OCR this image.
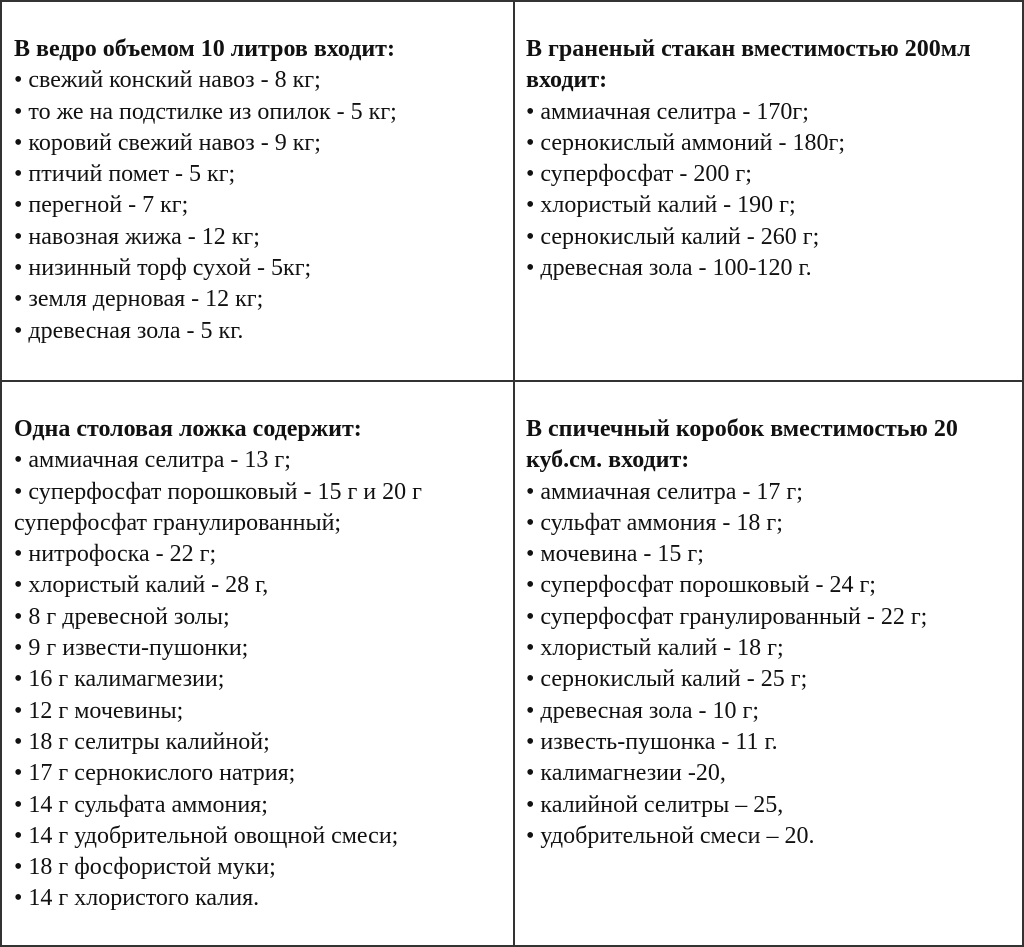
В ведро объемом 10 литров входит:
• свежий конский навоз - 8 кг;
• то же на подстилке из опилок - 5 кг;
• коровий свежий навоз - 9 кг;
• птичий помет - 5 кг;
• перегной - 7 кг;
• навозная жижа - 12 кг;
• низинный торф сухой - 5кг;
• земля дерновая - 12 кг;
• древесная зола - 5 кг.
В граненый стакан вместимостью 200мл входит:
• аммиачная селитра - 170г;
• сернокислый аммоний - 180г;
• суперфосфат - 200 г;
• хлористый калий - 190 г;
• сернокислый калий - 260 г;
• древесная зола - 100-120 г.
Одна столовая ложка содержит:
• аммиачная селитра - 13 г;
• суперфосфат порошковый - 15 г и 20 г
суперфосфат гранулированный;
• нитрофоска - 22 г;
• хлористый калий - 28 г,
• 8 г древесной золы;
• 9 г извести-пушонки;
• 16 г калимагмезии;
• 12 г мочевины;
• 18 г селитры калийной;
• 17 г сернокислого натрия;
• 14 г сульфата аммония;
• 14 г удобрительной овощной смеси;
• 18 г фосфористой муки;
• 14 г хлористого калия.
В спичечный коробок вместимостью 20 куб.см. входит:
• аммиачная селитра - 17 г;
• сульфат аммония - 18 г;
• мочевина - 15 г;
• суперфосфат порошковый - 24 г;
• суперфосфат гранулированный - 22 г;
• хлористый калий - 18 г;
• сернокислый калий - 25 г;
• древесная зола - 10 г;
• известь-пушонка - 11 г.
• калимагнезии -20,
• калийной селитры – 25,
• удобрительной смеси – 20.
